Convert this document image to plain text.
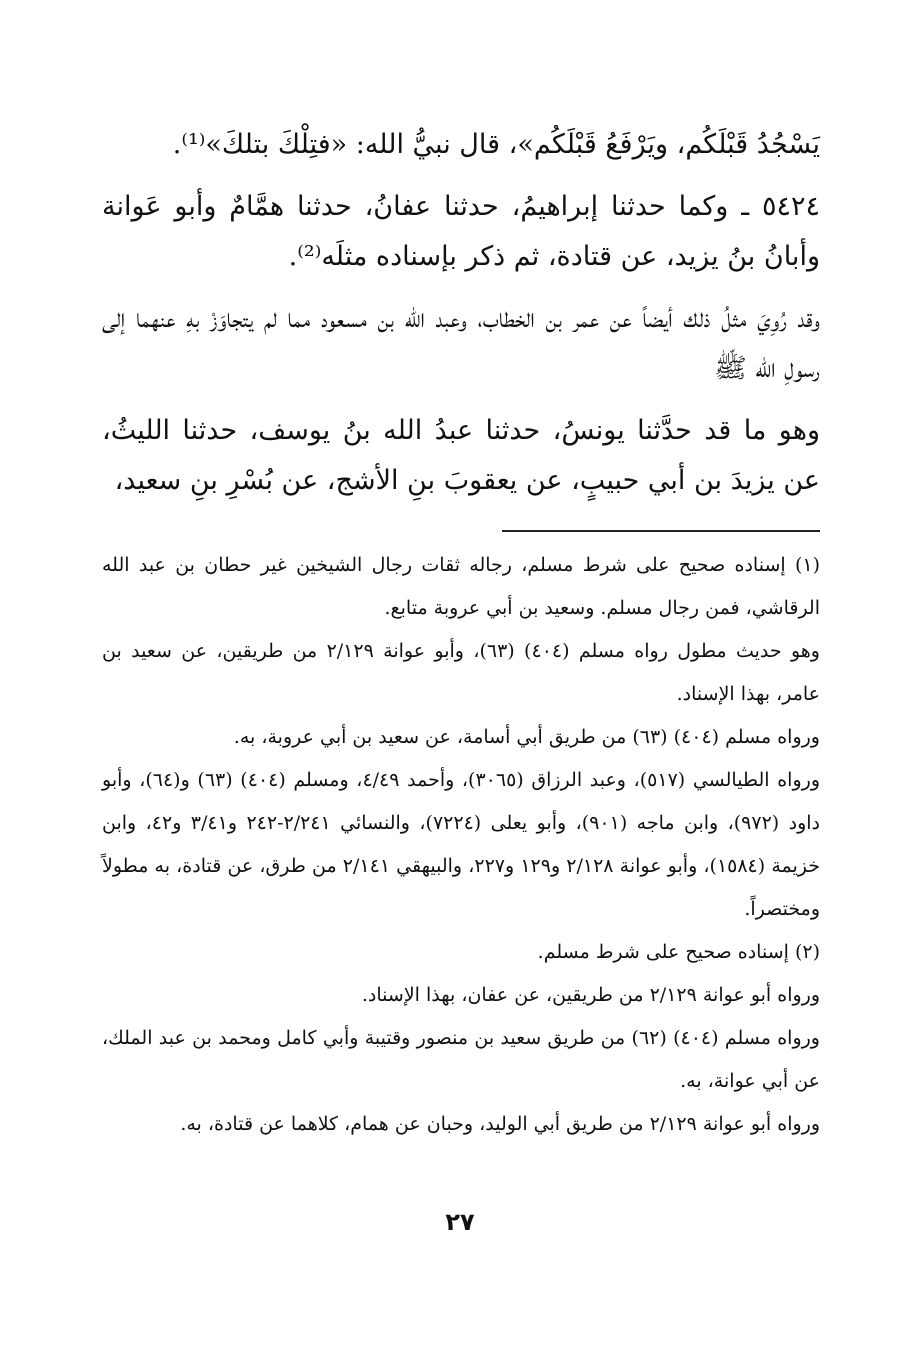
يَسْجُدُ قَبْلَكُم، ويَرْفَعُ قَبْلَكُم»، قال نبيُّ الله: «فتِلْكَ بتلكَ»⁽¹⁾.

٥٤٢٤ ـ وكما حدثنا إبراهيمُ، حدثنا عفانُ، حدثنا همَّامٌ وأبو عَوانة وأبانُ بنُ يزيد، عن قتادة، ثم ذكر بإسناده مثلَه⁽²⁾.

وقد رُوِيَ مثلُ ذلك أيضاً عن عمر بن الخطاب، وعبد الله بن مسعود مما لم يتجاوَزْ بهِ عنهما إلى رسولِ الله ﷺ

وهو ما قد حدَّثنا يونسُ، حدثنا عبدُ الله بنُ يوسف، حدثنا الليثُ، عن يزيدَ بن أبي حبيبٍ، عن يعقوبَ بنِ الأشج، عن بُسْرِ بنِ سعيد،

(١) إسناده صحيح على شرط مسلم، رجاله ثقات رجال الشيخين غير حطان بن عبد الله الرقاشي، فمن رجال مسلم. وسعيد بن أبي عروبة متابع.

وهو حديث مطول رواه مسلم (٤٠٤) (٦٣)، وأبو عوانة ٢/١٢٩ من طريقين، عن سعيد بن عامر، بهذا الإسناد.

ورواه مسلم (٤٠٤) (٦٣) من طريق أبي أسامة، عن سعيد بن أبي عروبة، به.

ورواه الطيالسي (٥١٧)، وعبد الرزاق (٣٠٦٥)، وأحمد ٤/٤٩، ومسلم (٤٠٤) (٦٣) و(٦٤)، وأبو داود (٩٧٢)، وابن ماجه (٩٠١)، وأبو يعلى (٧٢٢٤)، والنسائي ٢/٢٤١-٢٤٢ و٣/٤١ و٤٢، وابن خزيمة (١٥٨٤)، وأبو عوانة ٢/١٢٨ و١٢٩ و٢٢٧، والبيهقي ٢/١٤١ من طرق، عن قتادة، به مطولاً ومختصراً.

(٢) إسناده صحيح على شرط مسلم.

ورواه أبو عوانة ٢/١٢٩ من طريقين، عن عفان، بهذا الإسناد.

ورواه مسلم (٤٠٤) (٦٢) من طريق سعيد بن منصور وقتيبة وأبي كامل ومحمد بن عبد الملك، عن أبي عوانة، به.

ورواه أبو عوانة ٢/١٢٩ من طريق أبي الوليد، وحبان عن همام، كلاهما عن قتادة، به.

٢٧
